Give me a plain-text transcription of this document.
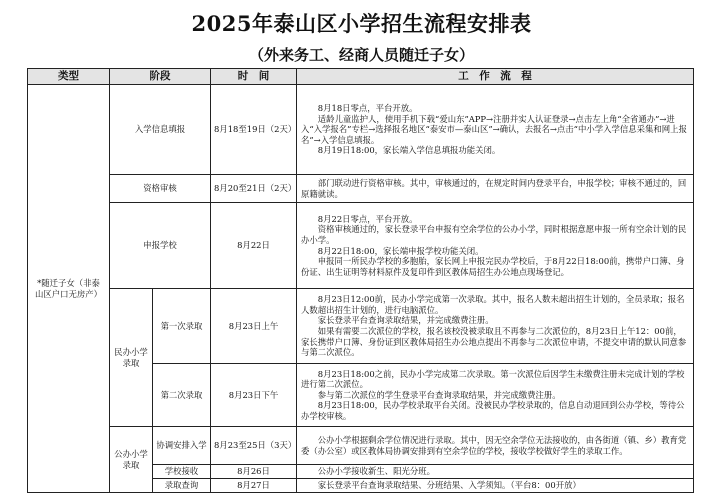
2025年泰山区小学招生流程安排表
（外来务工、经商人员随迁子女）
类型	阶段		时　间	工　作　流　程
*随迁子女（非泰山区户口无房产）	入学信息填报		8月18至19日（2天）	8月18日零点，平台开放。
适龄儿童监护人，使用手机下载“爱山东”APP→注册并实人认证登录→点击左上角“全省通办”→进入“入学报名”专栏→选择报名地区“泰安市—泰山区”→确认，去报名→点击“中小学入学信息采集和网上报名”→入学信息填报。
8月19日18:00，家长端入学信息填报功能关闭。

	资格审核		8月20至21日（2天）	部门联动进行资格审核。其中，审核通过的，在规定时间内登录平台，申报学校；审核不通过的，回原籍就读。

	申报学校		8月22日	8月22日零点，平台开放。
资格审核通过的，家长登录平台申报有空余学位的公办小学，同时根据意愿申报一所有空余计划的民办小学。
8月22日18:00，家长端申报学校功能关闭。
申报同一所民办学校的多胞胎，家长网上申报完民办学校后，于8月22日18:00前，携带户口簿、身份证、出生证明等材料原件及复印件到区教体局招生办公地点现场登记。

	民办小学录取	第一次录取	8月23日上午	8月23日12:00前，民办小学完成第一次录取。其中，报名人数未超出招生计划的，全员录取；报名人数超出招生计划的，进行电脑派位。
家长登录平台查询录取结果，并完成缴费注册。
如果有需要二次派位的学校，报名该校没被录取且不再参与二次派位的，8月23日上午12：00前，家长携带户口簿、身份证到区教体局招生办公地点提出不再参与二次派位申请，不提交申请的默认同意参与第二次派位。

		第二次录取	8月23日下午	8月23日18:00之前，民办小学完成第二次录取。第一次派位后因学生未缴费注册未完成计划的学校进行第二次派位。
参与第二次派位的学生登录平台查询录取结果，并完成缴费注册。
8月23日18:00，民办学校录取平台关闭。没被民办学校录取的，信息自动退回到公办学校，等待公办学校审核。

	公办小学录取	协调安排入学	8月23至25日（3天）	公办小学根据剩余学位情况进行录取。其中，因无空余学位无法接收的，由各街道（镇、乡）教育党委（办公室）或区教体局协调安排到有空余学位的学校，接收学校做好学生的录取工作。

		学校接收	8月26日	公办小学接收新生、阳光分班。

		录取查询	8月27日	家长登录平台查询录取结果、分班结果、入学须知。（平台8：00开放）
